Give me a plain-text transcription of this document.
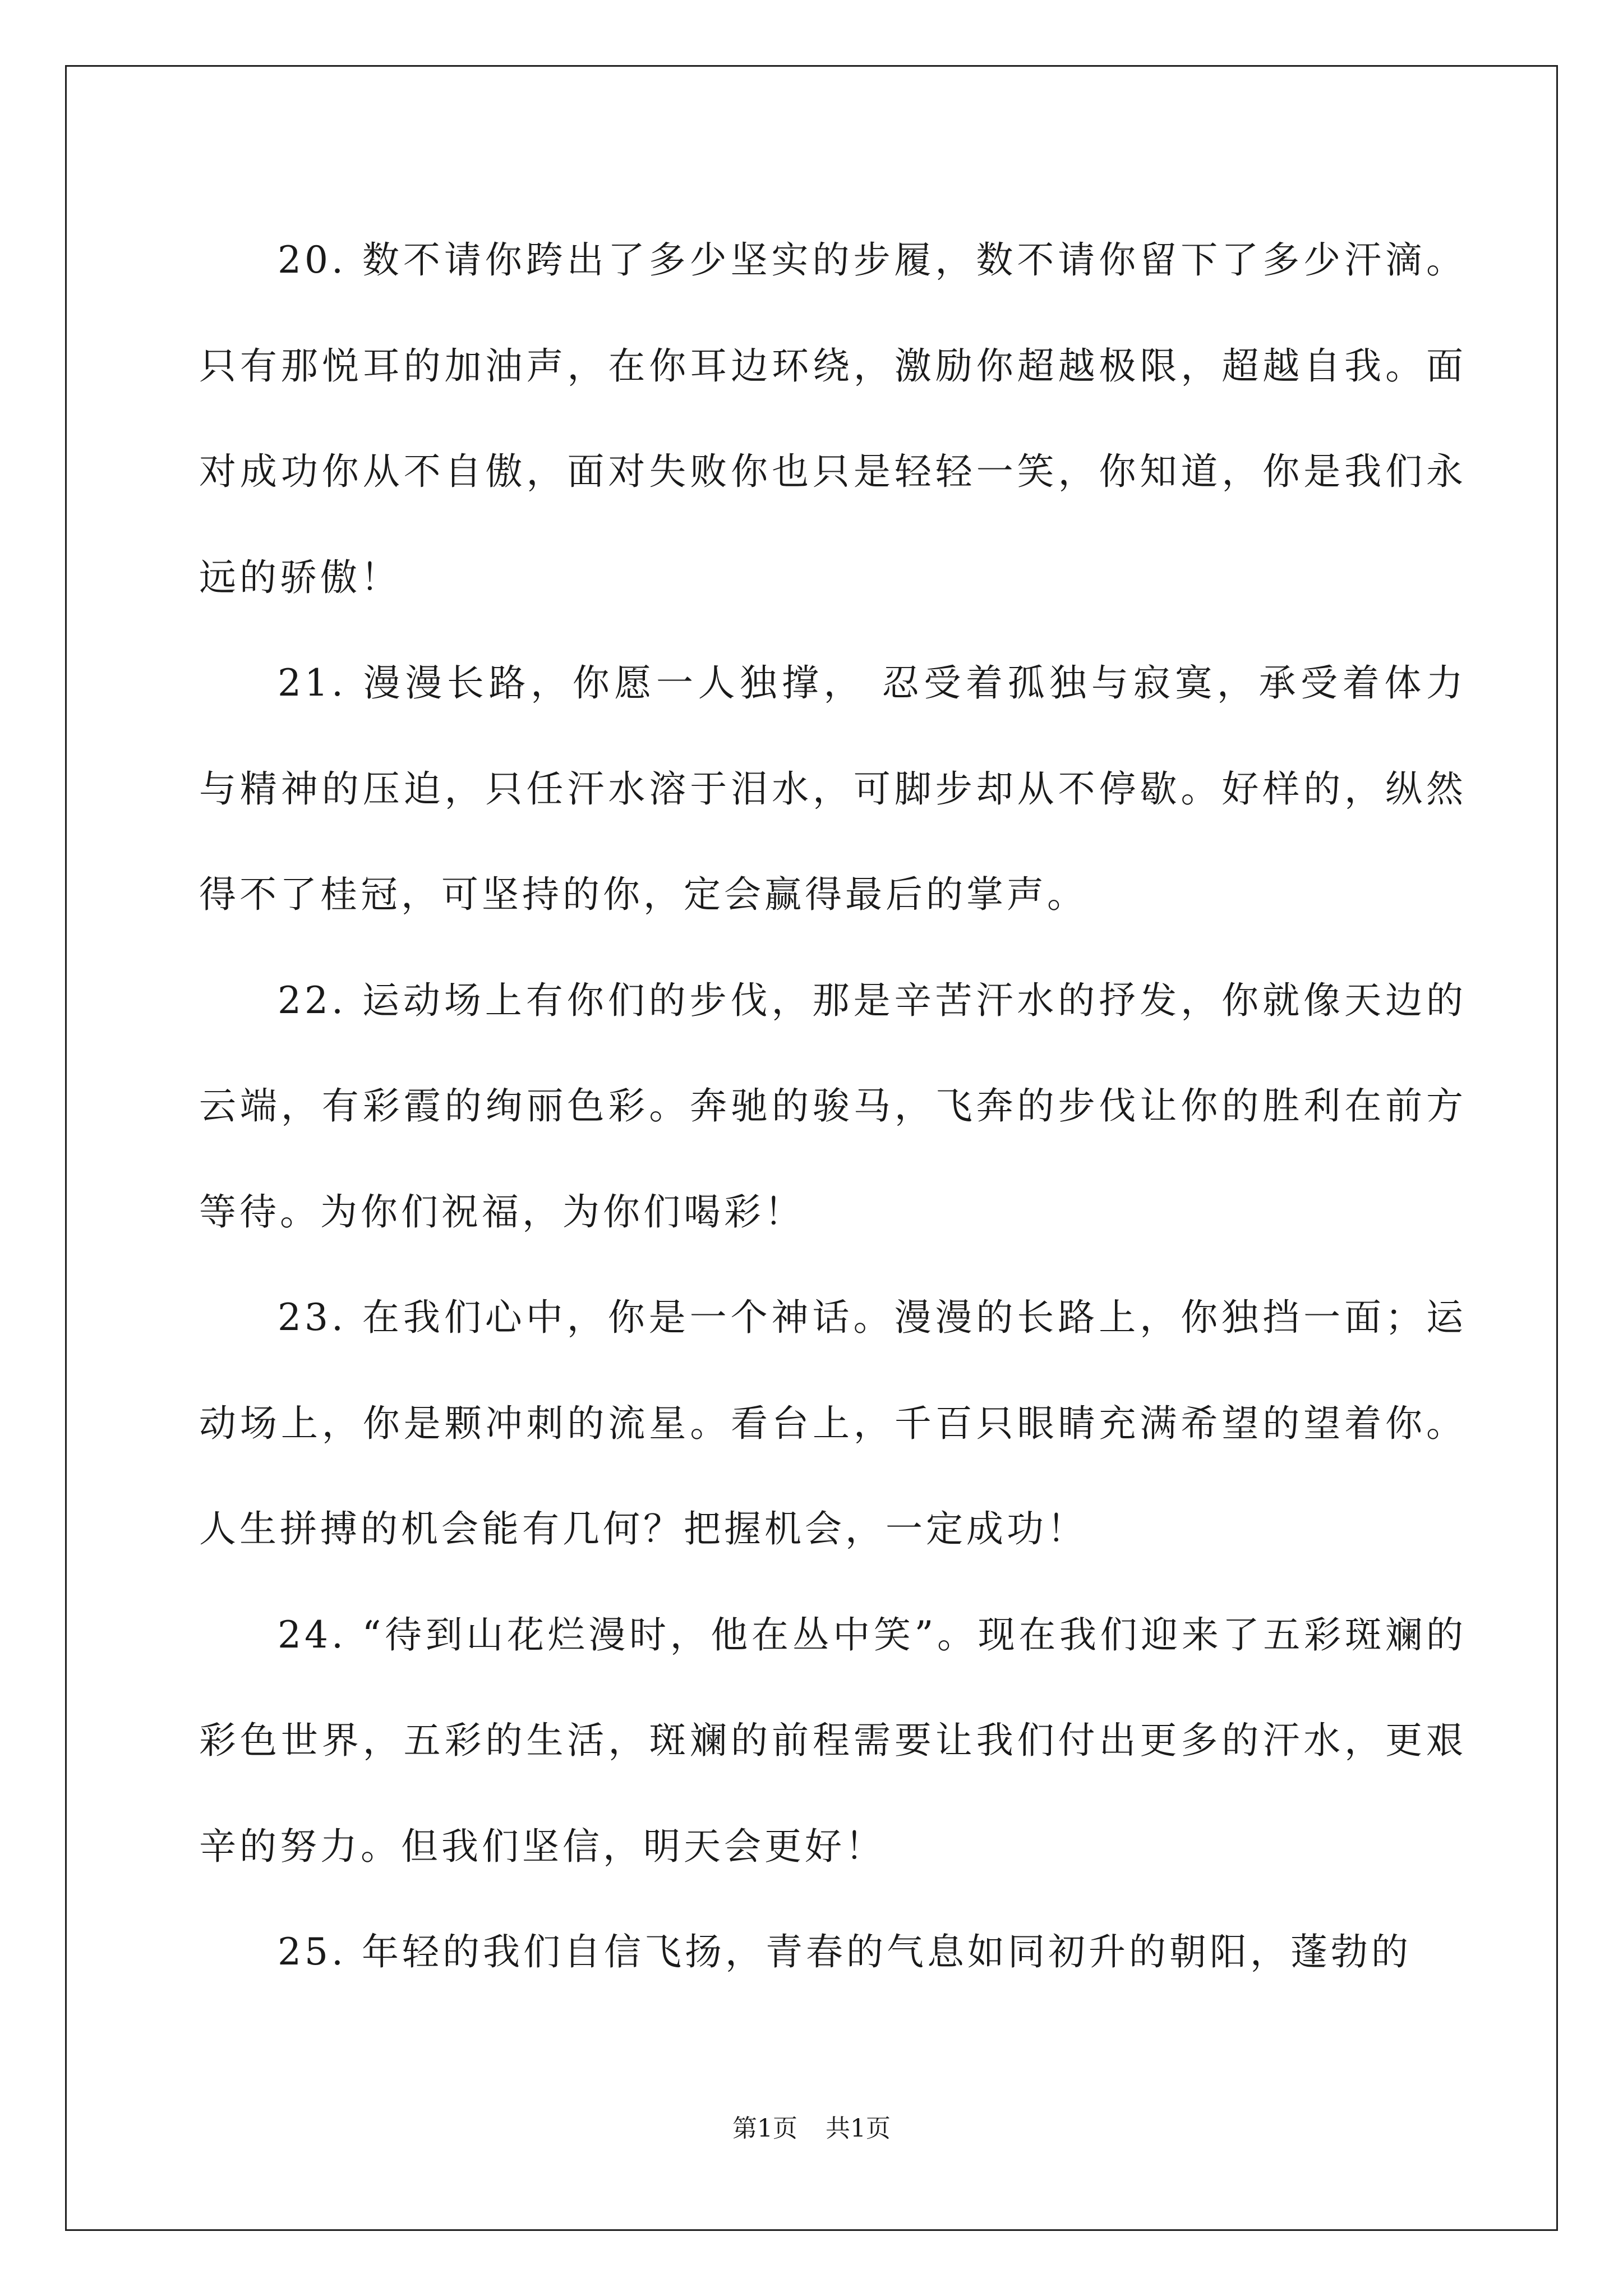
20. 数不请你跨出了多少坚实的步履，数不请你留下了多少汗滴。只有那悦耳的加油声，在你耳边环绕，激励你超越极限，超越自我。面对成功你从不自傲，面对失败你也只是轻轻一笑，你知道，你是我们永远的骄傲！

21. 漫漫长路，你愿一人独撑， 忍受着孤独与寂寞，承受着体力与精神的压迫，只任汗水溶于泪水，可脚步却从不停歇。好样的，纵然得不了桂冠，可坚持的你，定会赢得最后的掌声。

22. 运动场上有你们的步伐，那是辛苦汗水的抒发，你就像天边的云端，有彩霞的绚丽色彩。奔驰的骏马，飞奔的步伐让你的胜利在前方等待。为你们祝福，为你们喝彩！

23. 在我们心中，你是一个神话。漫漫的长路上，你独挡一面；运动场上，你是颗冲刺的流星。看台上，千百只眼睛充满希望的望着你。人生拼搏的机会能有几何？把握机会，一定成功！

24. “待到山花烂漫时，他在丛中笑”。现在我们迎来了五彩斑斓的彩色世界，五彩的生活，斑斓的前程需要让我们付出更多的汗水，更艰辛的努力。但我们坚信，明天会更好！

25. 年轻的我们自信飞扬，青春的气息如同初升的朝阳，蓬勃的

第1页 共1页
